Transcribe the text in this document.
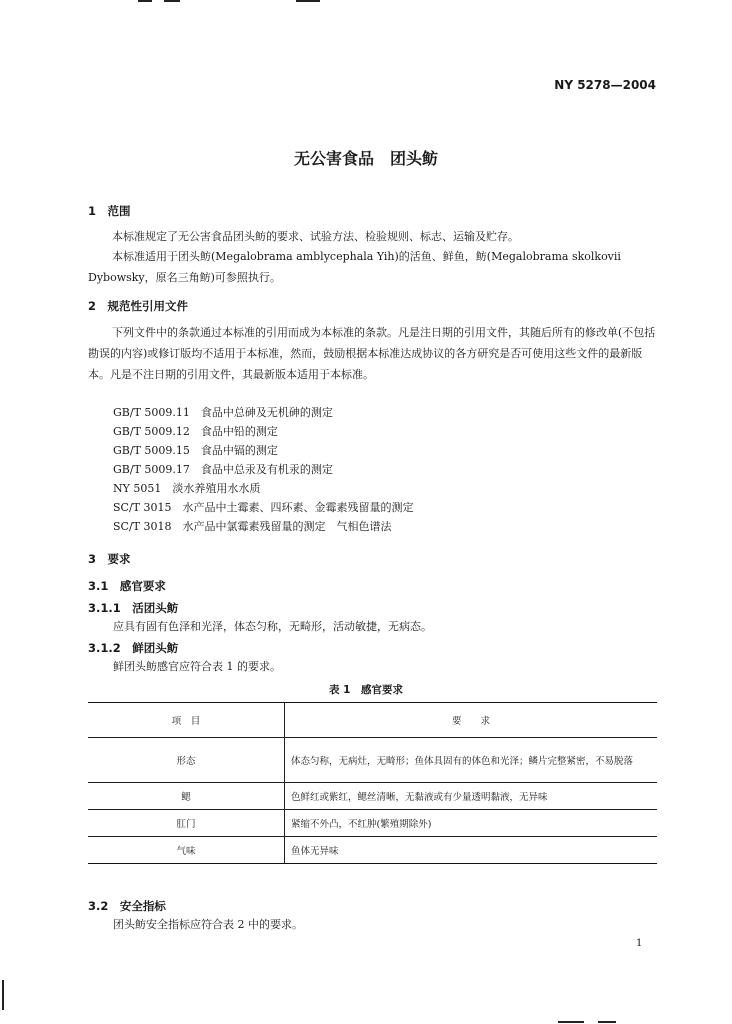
NY 5278—2004
无公害食品　团头鲂
1　范围
本标准规定了无公害食品团头鲂的要求、试验方法、检验规则、标志、运输及贮存。
本标准适用于团头鲂(Megalobrama amblycephala Yih)的活鱼、鲜鱼，鲂(Megalobrama skolkovii Dybowsky，原名三角鲂)可参照执行。
2　规范性引用文件
下列文件中的条款通过本标准的引用而成为本标准的条款。凡是注日期的引用文件，其随后所有的修改单(不包括勘误的内容)或修订版均不适用于本标准，然而，鼓励根据本标准达成协议的各方研究是否可使用这些文件的最新版本。凡是不注日期的引用文件，其最新版本适用于本标准。
GB/T 5009.11　食品中总砷及无机砷的测定
GB/T 5009.12　食品中铅的测定
GB/T 5009.15　食品中镉的测定
GB/T 5009.17　食品中总汞及有机汞的测定
NY 5051　淡水养殖用水水质
SC/T 3015　水产品中土霉素、四环素、金霉素残留量的测定
SC/T 3018　水产品中氯霉素残留量的测定　气相色谱法
3　要求
3.1　感官要求
3.1.1　活团头鲂
应具有固有色泽和光泽，体态匀称，无畸形，活动敏捷，无病态。
3.1.2　鲜团头鲂
鲜团头鲂感官应符合表 1 的要求。
表 1　感官要求
项　目	要　　求
形态	体态匀称，无病灶，无畸形；鱼体具固有的体色和光泽；鳞片完整紧密，不易脱落
鳃	色鲜红或紫红，鳃丝清晰，无黏液或有少量透明黏液，无异味
肛门	紧缩不外凸，不红肿(繁殖期除外)
气味	鱼体无异味
3.2　安全指标
团头鲂安全指标应符合表 2 中的要求。
1
